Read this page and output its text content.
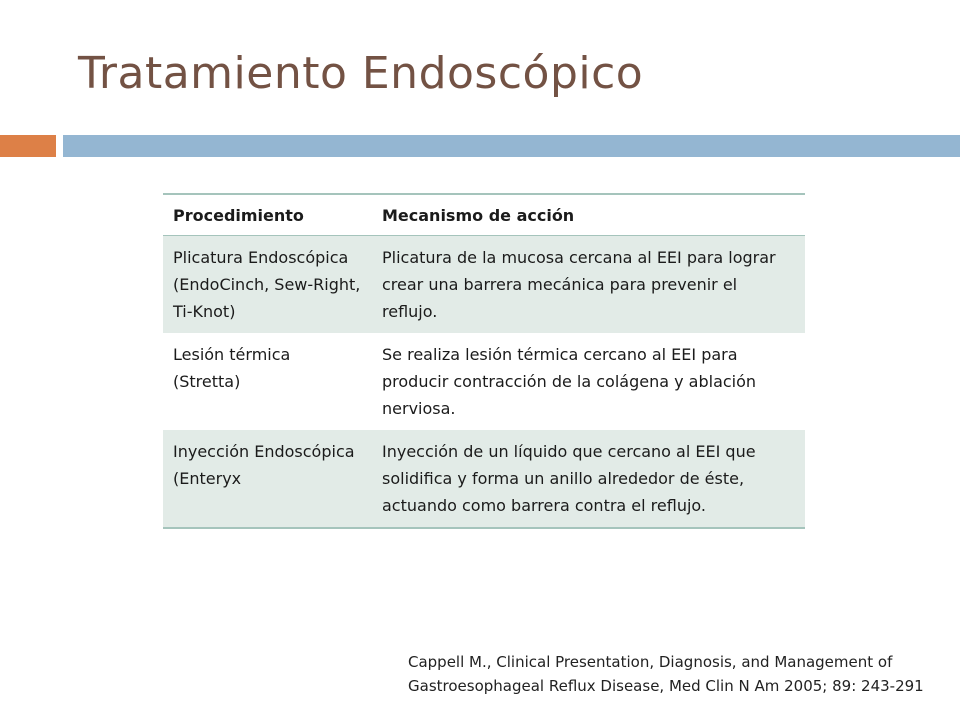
Tratamiento Endoscópico
Procedimiento	Mecanismo de acción
Plicatura Endoscópica (EndoCinch, Sew-Right, Ti-Knot)	Plicatura de la mucosa cercana al EEI para lograr crear una barrera mecánica para prevenir el reflujo.
Lesión térmica (Stretta)	Se realiza lesión térmica cercano al EEI para producir contracción de la colágena y ablación nerviosa.
Inyección Endoscópica (Enteryx	Inyección de un líquido que cercano al EEI que solidifica y forma un anillo alrededor de éste, actuando como barrera contra el reflujo.
Cappell M., Clinical Presentation, Diagnosis, and Management of
Gastroesophageal Reflux Disease, Med Clin N Am 2005; 89: 243-291
